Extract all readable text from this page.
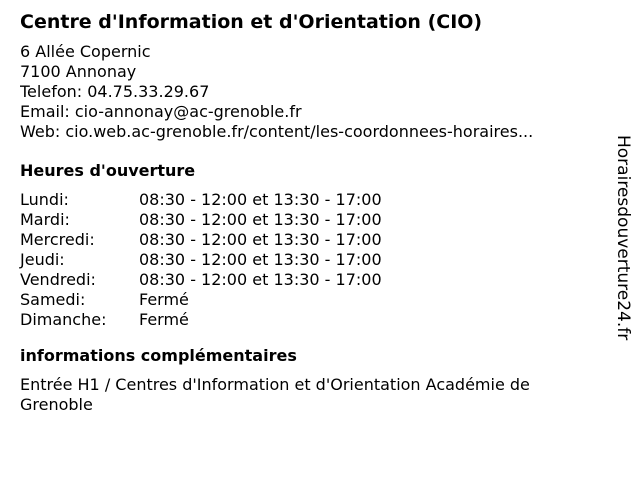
Centre d'Information et d'Orientation (CIO)
6 Allée Copernic
7100 Annonay
Telefon: 04.75.33.29.67
Email: cio-annonay@ac-grenoble.fr
Web: cio.web.ac-grenoble.fr/content/les-coordonnees-horaires...
Heures d'ouverture
Lundi:	08:30 - 12:00 et 13:30 - 17:00
Mardi:	08:30 - 12:00 et 13:30 - 17:00
Mercredi:	08:30 - 12:00 et 13:30 - 17:00
Jeudi:	08:30 - 12:00 et 13:30 - 17:00
Vendredi:	08:30 - 12:00 et 13:30 - 17:00
Samedi:	Fermé
Dimanche:	Fermé
informations complémentaires
Entrée H1 / Centres d'Information et d'Orientation Académie de Grenoble
Horairesdouverture24.fr
